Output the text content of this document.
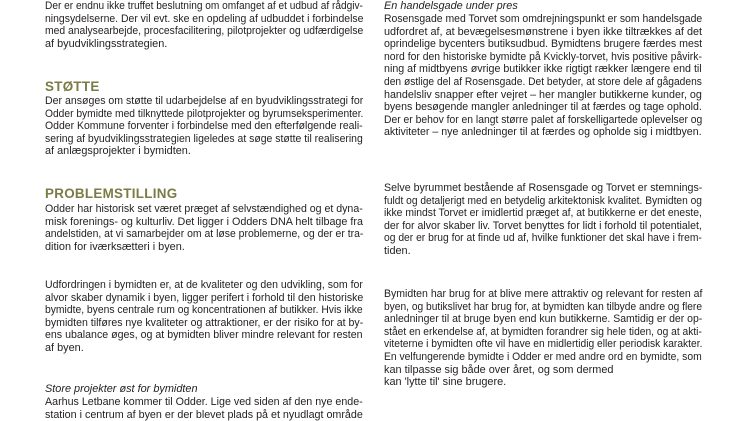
Der er endnu ikke truffet beslutning om omfanget af et udbud af rådgiv-
ningsydelserne. Der vil evt. ske en opdeling af udbuddet i forbindelse
med analysearbejde, procesfacilitering, pilotprojekter og udfærdigelse
af byudviklingsstrategien.
STØTTE
Der ansøges om støtte til udarbejdelse af en byudviklingsstrategi for
Odder bymidte med tilknyttede pilotprojekter og byrumseksperimenter.
Odder Kommune forventer i forbindelse med den efterfølgende reali-
sering af byudviklingsstrategien ligeledes at søge støtte til realisering
af anlægsprojekter i bymidten.
PROBLEMSTILLING
Odder har historisk set været præget af selvstændighed og et dyna-
misk forenings- og kulturliv. Det ligger i Odders DNA helt tilbage fra
andelstiden, at vi samarbejder om at løse problemerne, og der er tra-
dition for iværksætteri i byen.
Udfordringen i bymidten er, at de kvaliteter og den udvikling, som for
alvor skaber dynamik i byen, ligger perifert i forhold til den historiske
bymidte, byens centrale rum og koncentrationen af butikker. Hvis ikke
bymidten tilføres nye kvaliteter og attraktioner, er der risiko for at by-
ens ubalance øges, og at bymidten bliver mindre relevant for resten
af byen.
Store projekter øst for bymidten
Aarhus Letbane kommer til Odder. Lige ved siden af den nye ende-
station i centrum af byen er der blevet plads på et nyudlagt område
En handelsgade under pres
Rosensgade med Torvet som omdrejningspunkt er som handelsgade
udfordret af, at bevægelsesmønstrene i byen ikke tiltrækkes af det
oprindelige bycenters butiksudbud. Bymidtens brugere færdes mest
nord for den historiske bymidte på Kvickly-torvet, hvis positive påvirk-
ning af midtbyens øvrige butikker ikke rigtigt rækker længere end til
den østlige del af Rosensgade. Det betyder, at store dele af gågadens
handelsliv snapper efter vejret – her mangler butikkerne kunder, og
byens besøgende mangler anledninger til at færdes og tage ophold.
Der er behov for en langt større palet af forskelligartede oplevelser og
aktiviteter – nye anledninger til at færdes og opholde sig i midtbyen.
Selve byrummet bestående af Rosensgade og Torvet er stemnings-
fuldt og detaljerigt med en betydelig arkitektonisk kvalitet. Bymidten og
ikke mindst Torvet er imidlertid præget af, at butikkerne er det eneste,
der for alvor skaber liv. Torvet benyttes for lidt i forhold til potentialet,
og der er brug for at finde ud af, hvilke funktioner det skal have i frem-
tiden.
Bymidten har brug for at blive mere attraktiv og relevant for resten af
byen, og butikslivet har brug for, at bymidten kan tilbyde andre og flere
anledninger til at bruge byen end kun butikkerne. Samtidig er der op-
stået en erkendelse af, at bymidten forandrer sig hele tiden, og at akti-
viteterne i bymidten ofte vil have en midlertidig eller periodisk karakter.
En velfungerende bymidte i Odder er med andre ord en bymidte, som
kan tilpasse sig både over året, og som dermed
kan 'lytte til' sine brugere.
